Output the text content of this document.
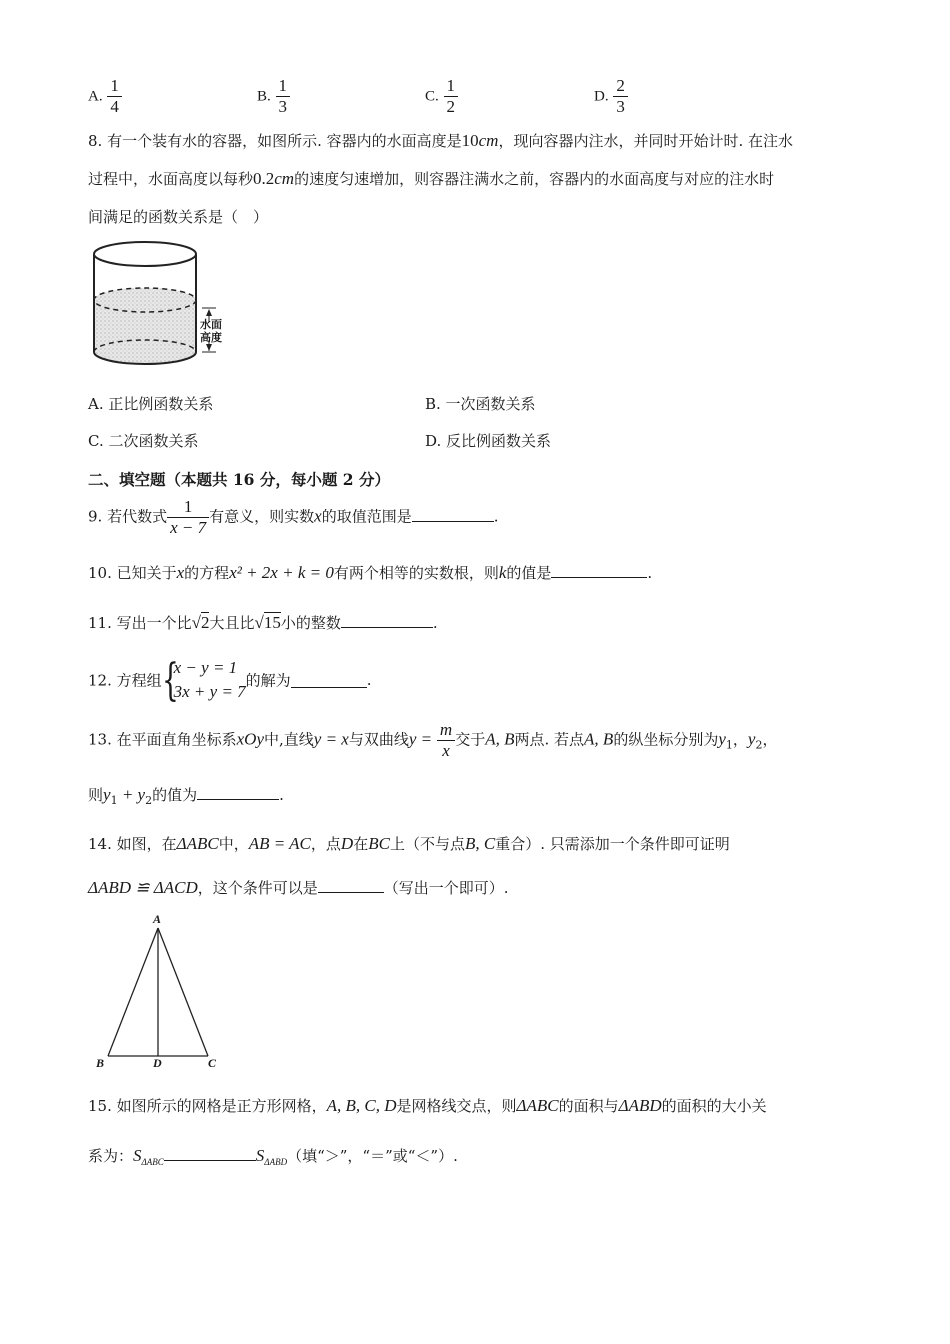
A. $\frac{1}{4}$	B. $\frac{1}{3}$	C. $\frac{1}{2}$	D. $\frac{2}{3}$
8. 有一个装有水的容器，如图所示. 容器内的水面高度是10cm，现向容器内注水，并同时开始计时. 在注水
过程中，水面高度以每秒0.2cm的速度匀速增加，则容器注满水之前，容器内的水面高度与对应的注水时
间满足的函数关系是（　）
水面
高度
A. 正比例函数关系	B. 一次函数关系
C. 二次函数关系	D. 反比例函数关系
二、填空题（本题共 16 分，每小题 2 分）
9. 若代数式 $\frac{1}{x - 7}$ 有意义，则实数x的取值范围是	.
10. 已知关于x的方程x² + 2x + k = 0有两个相等的实数根，则k的值是	.
11. 写出一个比√2大且比√15小的整数	.
12. 方程组 {
x − y = 1
3x + y = 7
的解为	.
13. 在平面直角坐标系xOy中,直线y = x与双曲线$y = \frac{m}{x}$ 交于A, B两点. 若点A, B的纵坐标分别为$y_1$，$y_2$，
则$y_1 + y_2$的值为	.
14. 如图，在ΔABC中，AB = AC，点D在BC上（不与点B, C重合）. 只需添加一个条件即可证明
ΔABD ≌ ΔACD，这个条件可以是	（写出一个即可）.
A
B	D	C
15. 如图所示的网格是正方形网格，A, B, C, D是网格线交点，则ΔABC的面积与ΔABD的面积的大小关
系为：$S_{\Delta ABC}$	$S_{\Delta ABD}$（填“＞”，“＝”或“＜”）.
